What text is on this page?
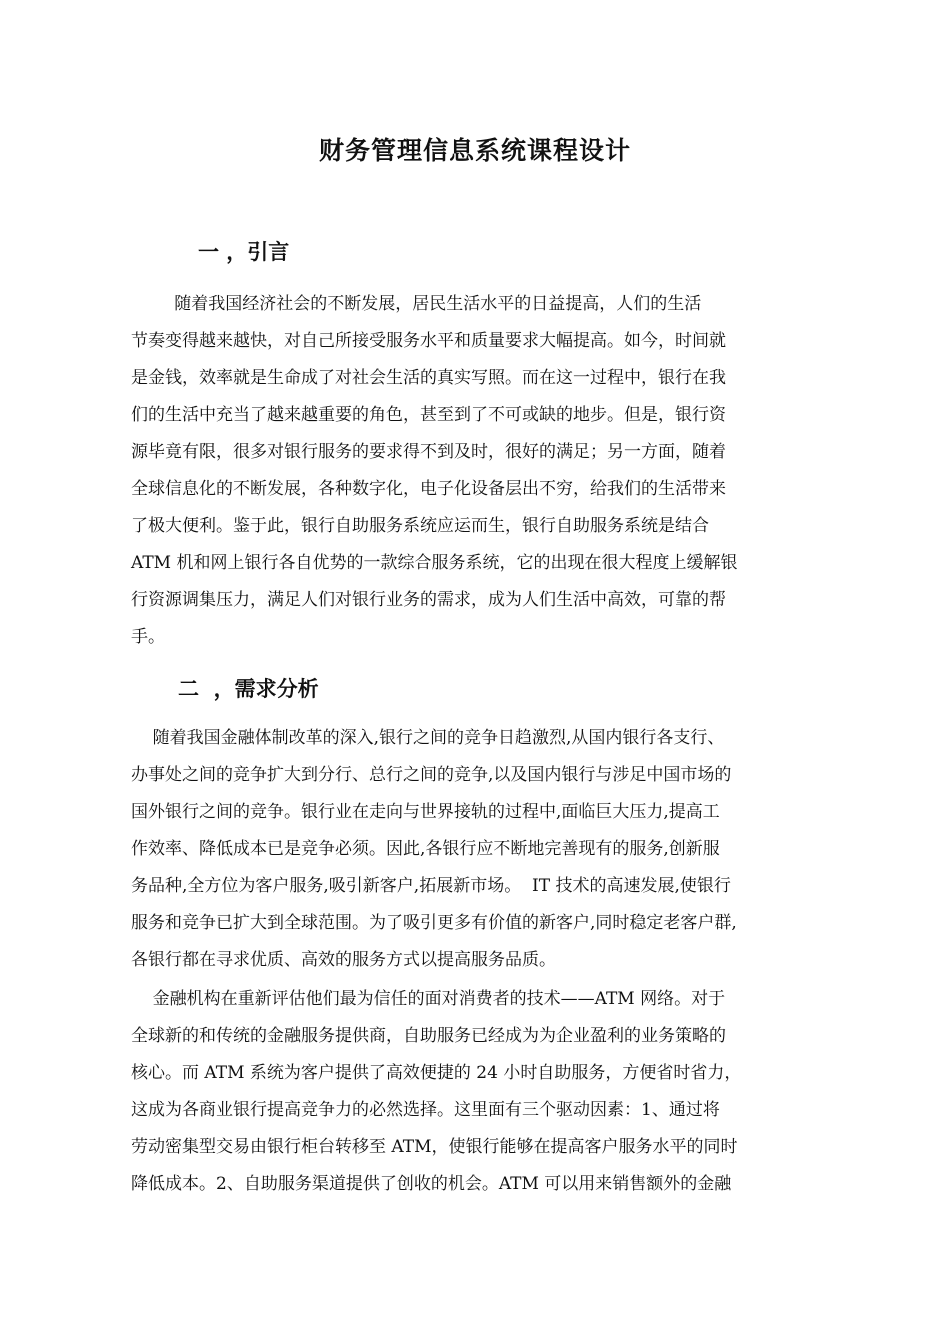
财务管理信息系统课程设计
一 ，引言
随着我国经济社会的不断发展，居民生活水平的日益提高，人们的生活
节奏变得越来越快，对自己所接受服务水平和质量要求大幅提高。如今，时间就
是金钱，效率就是生命成了对社会生活的真实写照。而在这一过程中，银行在我
们的生活中充当了越来越重要的角色，甚至到了不可或缺的地步。但是，银行资
源毕竟有限，很多对银行服务的要求得不到及时，很好的满足；另一方面，随着
全球信息化的不断发展，各种数字化，电子化设备层出不穷，给我们的生活带来
了极大便利。鉴于此，银行自助服务系统应运而生，银行自助服务系统是结合
ATM 机和网上银行各自优势的一款综合服务系统，它的出现在很大程度上缓解银
行资源调集压力，满足人们对银行业务的需求，成为人们生活中高效，可靠的帮
手。
二  ，需求分析
随着我国金融体制改革的深入,银行之间的竞争日趋激烈,从国内银行各支行、
办事处之间的竞争扩大到分行、总行之间的竞争,以及国内银行与涉足中国市场的
国外银行之间的竞争。银行业在走向与世界接轨的过程中,面临巨大压力,提高工
作效率、降低成本已是竞争必须。因此,各银行应不断地完善现有的服务,创新服
务品种,全方位为客户服务,吸引新客户,拓展新市场。  IT 技术的高速发展,使银行
服务和竞争已扩大到全球范围。为了吸引更多有价值的新客户,同时稳定老客户群,
各银行都在寻求优质、高效的服务方式以提高服务品质。
金融机构在重新评估他们最为信任的面对消费者的技术——ATM 网络。对于
全球新的和传统的金融服务提供商，自助服务已经成为为企业盈利的业务策略的
核心。而 ATM 系统为客户提供了高效便捷的 24 小时自助服务，方便省时省力，
这成为各商业银行提高竞争力的必然选择。这里面有三个驱动因素：1、通过将
劳动密集型交易由银行柜台转移至 ATM，使银行能够在提高客户服务水平的同时
降低成本。2、自助服务渠道提供了创收的机会。ATM 可以用来销售额外的金融
